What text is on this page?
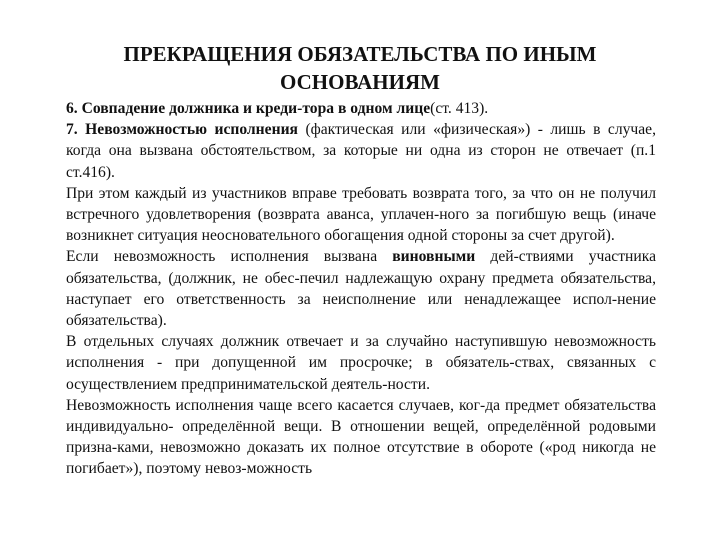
ПРЕКРАЩЕНИЯ ОБЯЗАТЕЛЬСТВА ПО ИНЫМ
ОСНОВАНИЯМ

6. Совпадение должника и креди-тора в одном лице(ст. 413).

7. Невозможностью исполнения (фактическая или «физическая») - лишь в случае, когда она вызвана обстоятельством, за которые ни одна из сторон не отвечает (п.1 ст.416).

При этом каждый из участников вправе требовать возврата того, за что он не получил встречного удовлетворения (возврата аванса, уплачен-ного за погибшую вещь (иначе возникнет ситуация неосновательного обогащения одной стороны за счет другой).

Если невозможность исполнения вызвана виновными дей-ствиями участника обязательства, (должник, не обес-печил надлежащую охрану предмета обязательства, наступает его ответственность за неисполнение или ненадлежащее испол-нение обязательства).

В отдельных случаях должник отвечает и за случайно наступившую невозможность исполнения - при допущенной им просрочке; в обязатель-ствах, связанных с осуществлением предпринимательской деятель-ности.

Невозможность исполнения чаще всего касается случаев, ког-да предмет обязательства индивидуально- определённой вещи. В отношении вещей, определённой родовыми призна-ками, невозможно доказать их полное отсутствие в обороте («род никогда не погибает»), поэтому невоз-можность
